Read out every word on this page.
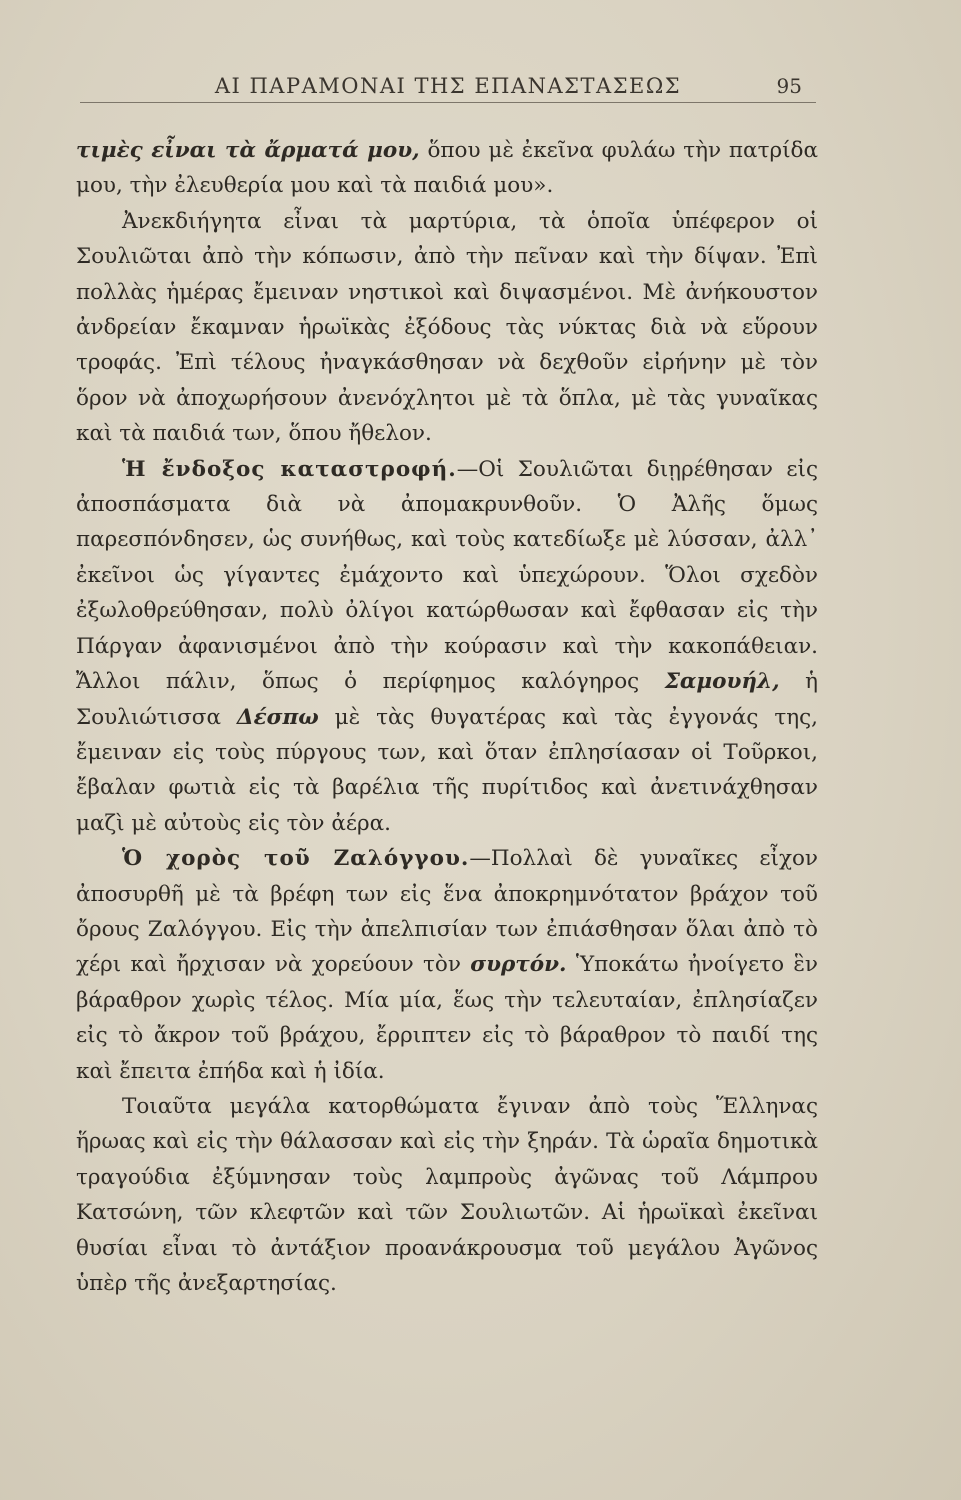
ΑΙ ΠΑΡΑΜΟΝΑΙ ΤΗΣ ΕΠΑΝΑΣΤΑΣΕΩΣ	95

τιμὲς εἶναι τὰ ἄρματά μου, ὅπου μὲ ἐκεῖνα φυλάω τὴν πατρίδα μου, τὴν ἐλευθερία μου καὶ τὰ παιδιά μου».

Ἀνεκδιήγητα εἶναι τὰ μαρτύρια, τὰ ὁποῖα ὑπέφερον οἱ Σουλιῶται ἀπὸ τὴν κόπωσιν, ἀπὸ τὴν πεῖναν καὶ τὴν δίψαν. Ἐπὶ πολλὰς ἡμέρας ἔμειναν νηστικοὶ καὶ διψασμένοι. Μὲ ἀνήκουστον ἀνδρείαν ἔκαμναν ἡρωϊκὰς ἐξόδους τὰς νύκτας διὰ νὰ εὕρουν τροφάς. Ἐπὶ τέλους ἠναγκάσθησαν νὰ δεχθοῦν εἰρήνην μὲ τὸν ὅρον νὰ ἀποχωρήσουν ἀνενόχλητοι μὲ τὰ ὅπλα, μὲ τὰς γυναῖκας καὶ τὰ παιδιά των, ὅπου ἤθελον.

Ἡ ἔνδοξος καταστροφή.—Οἱ Σουλιῶται διῃρέθησαν εἰς ἀποσπάσματα διὰ νὰ ἀπομακρυνθοῦν. Ὁ Ἀλῆς ὅμως παρεσπόνδησεν, ὡς συνήθως, καὶ τοὺς κατεδίωξε μὲ λύσσαν, ἀλλ᾽ ἐκεῖνοι ὡς γίγαντες ἐμάχοντο καὶ ὑπεχώρουν. Ὅλοι σχεδὸν ἐξωλοθρεύθησαν, πολὺ ὀλίγοι κατώρθωσαν καὶ ἔφθασαν εἰς τὴν Πάργαν ἀφανισμένοι ἀπὸ τὴν κούρασιν καὶ τὴν κακοπάθειαν. Ἄλλοι πάλιν, ὅπως ὁ περίφημος καλόγηρος Σαμουήλ, ἡ Σουλιώτισσα Δέσπω μὲ τὰς θυγατέρας καὶ τὰς ἐγγονάς της, ἔμειναν εἰς τοὺς πύργους των, καὶ ὅταν ἐπλησίασαν οἱ Τοῦρκοι, ἔβαλαν φωτιὰ εἰς τὰ βαρέλια τῆς πυρίτιδος καὶ ἀνετινάχθησαν μαζὶ μὲ αὐτοὺς εἰς τὸν ἀέρα.

Ὁ χορὸς τοῦ Ζαλόγγου.—Πολλαὶ δὲ γυναῖκες εἶχον ἀποσυρθῆ μὲ τὰ βρέφη των εἰς ἕνα ἀποκρημνότατον βράχον τοῦ ὄρους Ζαλόγγου. Εἰς τὴν ἀπελπισίαν των ἐπιάσθησαν ὅλαι ἀπὸ τὸ χέρι καὶ ἤρχισαν νὰ χορεύουν τὸν συρτόν. Ὑποκάτω ἠνοίγετο ἓν βάραθρον χωρὶς τέλος. Μία μία, ἕως τὴν τελευταίαν, ἐπλησίαζεν εἰς τὸ ἄκρον τοῦ βράχου, ἔρριπτεν εἰς τὸ βάραθρον τὸ παιδί της καὶ ἔπειτα ἐπήδα καὶ ἡ ἰδία.

Τοιαῦτα μεγάλα κατορθώματα ἔγιναν ἀπὸ τοὺς Ἕλληνας ἥρωας καὶ εἰς τὴν θάλασσαν καὶ εἰς τὴν ξηράν. Τὰ ὡραῖα δημοτικὰ τραγούδια ἐξύμνησαν τοὺς λαμπροὺς ἀγῶνας τοῦ Λάμπρου Κατσώνη, τῶν κλεφτῶν καὶ τῶν Σουλιωτῶν. Αἱ ἡρωϊκαὶ ἐκεῖναι θυσίαι εἶναι τὸ ἀντάξιον προανάκρουσμα τοῦ μεγάλου Ἀγῶνος ὑπὲρ τῆς ἀνεξαρτησίας.
